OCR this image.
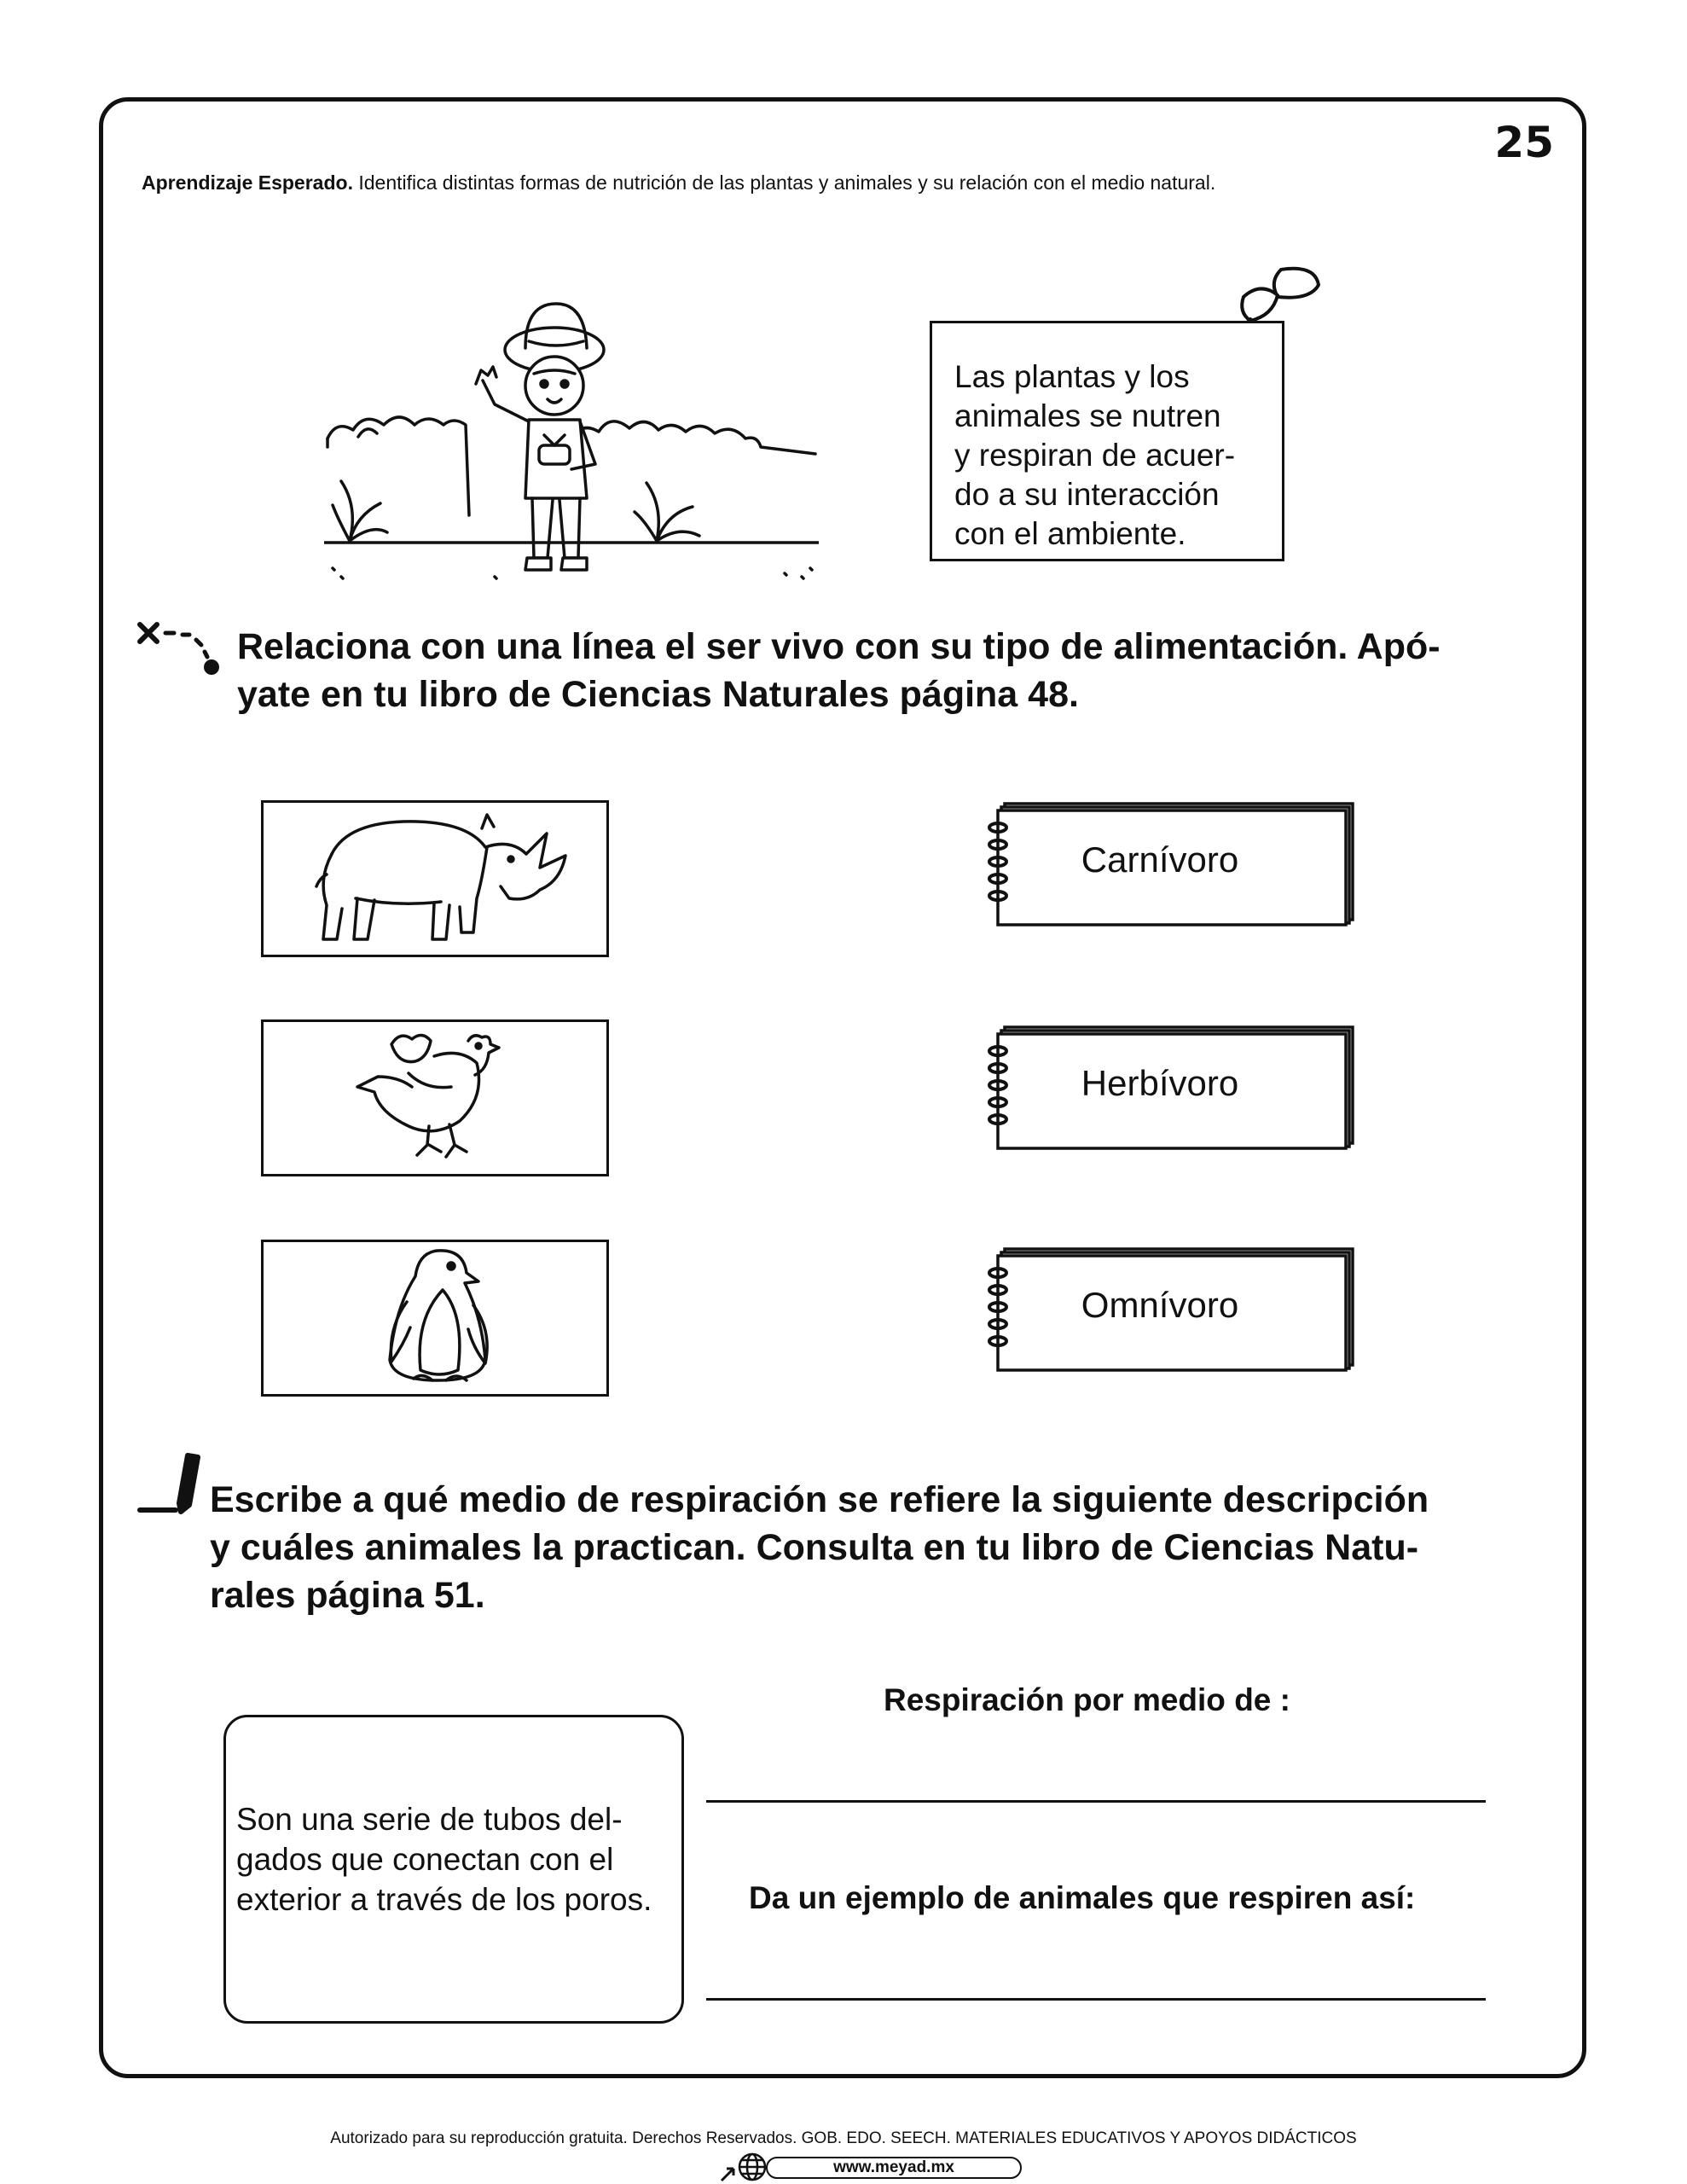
25
Aprendizaje Esperado. Identifica distintas formas de nutrición de las plantas y animales y su relación con el medio natural.
Las plantas y los
animales se nutren
y respiran de acuer-
do a su interacción
con el ambiente.
Relaciona con una línea el ser vivo con su tipo de alimentación. Apó-
yate en tu libro de Ciencias Naturales página 48.
Carnívoro
Herbívoro
Omnívoro
Escribe a qué medio de respiración se refiere la siguiente descripción
y cuáles animales la practican. Consulta en tu libro de Ciencias Natu-
rales página 51.
Son una serie de tubos del-
gados que conectan con el
exterior a través de los poros.
Respiración por medio de :
Da un ejemplo de animales que respiren así:
Autorizado para su reproducción gratuita. Derechos Reservados. GOB. EDO. SEECH. MATERIALES EDUCATIVOS Y APOYOS DIDÁCTICOS
www.meyad.mx
